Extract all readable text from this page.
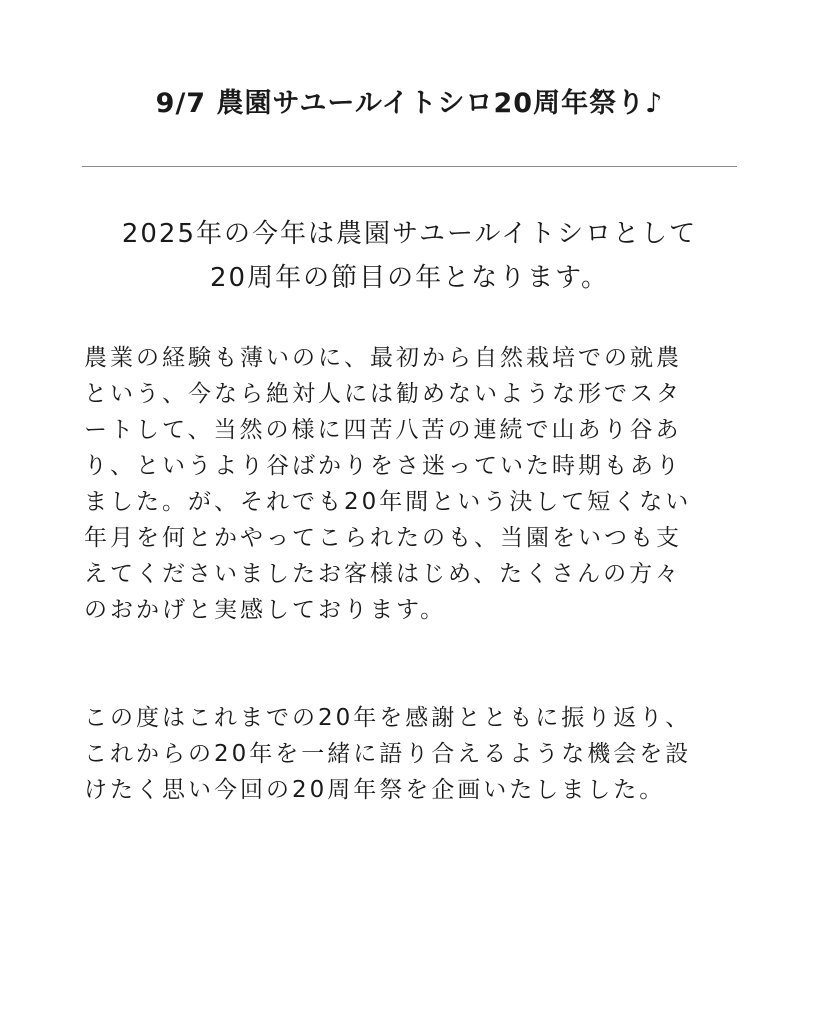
9/7 農園サユールイトシロ20周年祭り♪
2025年の今年は農園サユールイトシロとして
20周年の節目の年となります。
農業の経験も薄いのに、最初から自然栽培での就農
という、今なら絶対人には勧めないような形でスタ
ートして、当然の様に四苦八苦の連続で山あり谷あ
り、というより谷ばかりをさ迷っていた時期もあり
ました。が、それでも20年間という決して短くない
年月を何とかやってこられたのも、当園をいつも支
えてくださいましたお客様はじめ、たくさんの方々
のおかげと実感しております。
この度はこれまでの20年を感謝とともに振り返り、
これからの20年を一緒に語り合えるような機会を設
けたく思い今回の20周年祭を企画いたしました。
